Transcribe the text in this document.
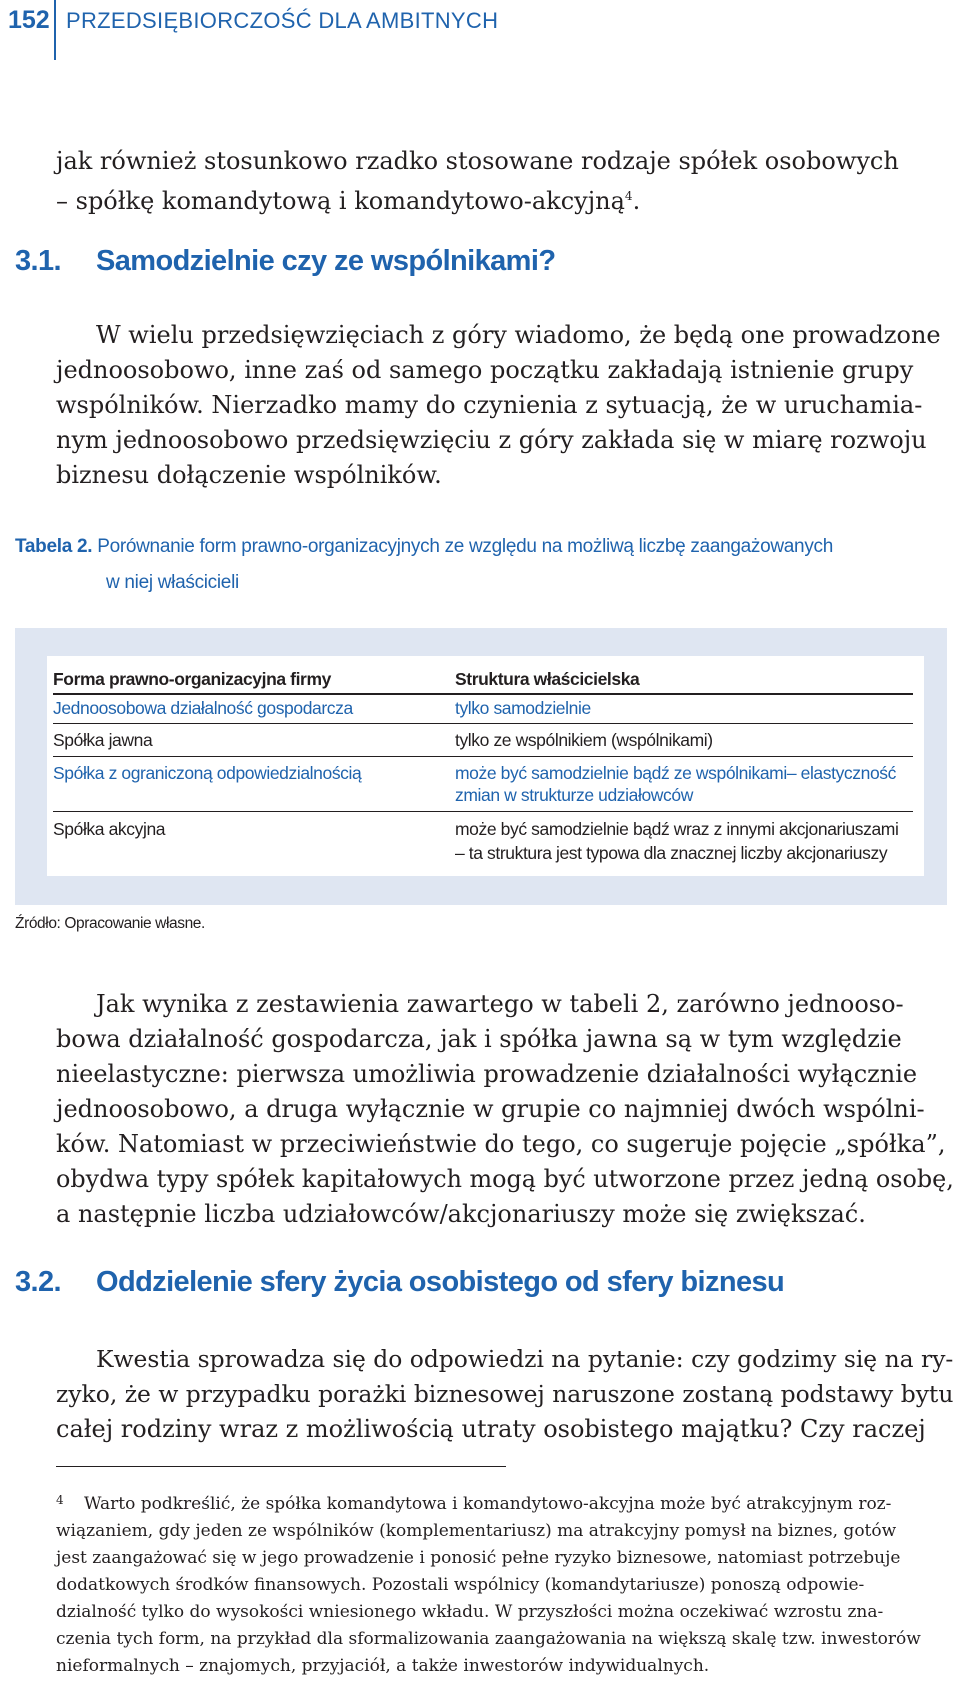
152 PRZEDSIĘBIORCZOŚĆ DLA AMBITNYCH
jak również stosunkowo rzadko stosowane rodzaje spółek osobowych
– spółkę komandytową i komandytowo-akcyjną$^4$.
3.1. Samodzielnie czy ze wspólnikami?
W wielu przedsięwzięciach z góry wiadomo, że będą one prowadzone
jednoosobowo, inne zaś od samego początku zakładają istnienie grupy
wspólników. Nierzadko mamy do czynienia z sytuacją, że w uruchamia-
nym jednoosobowo przedsięwzięciu z góry zakłada się w miarę rozwoju
biznesu dołączenie wspólników.
Tabela 2. Porównanie form prawno-organizacyjnych ze względu na możliwą liczbę zaangażowanych
w niej właścicieli
Forma prawno-organizacyjna firmy	Struktura właścicielska
Jednoosobowa działalność gospodarcza	tylko samodzielnie
Spółka jawna	tylko ze wspólnikiem (wspólnikami)
Spółka z ograniczoną odpowiedzialnością	może być samodzielnie bądź ze wspólnikami– elastyczność
zmian w strukturze udziałowców
Spółka akcyjna	może być samodzielnie bądź wraz z innymi akcjonariuszami
– ta struktura jest typowa dla znacznej liczby akcjonariuszy
Źródło: Opracowanie własne.
Jak wynika z zestawienia zawartego w tabeli 2, zarówno jednooso-
bowa działalność gospodarcza, jak i spółka jawna są w tym względzie
nieelastyczne: pierwsza umożliwia prowadzenie działalności wyłącznie
jednoosobowo, a druga wyłącznie w grupie co najmniej dwóch wspólni-
ków. Natomiast w przeciwieństwie do tego, co sugeruje pojęcie „spółka”,
obydwa typy spółek kapitałowych mogą być utworzone przez jedną osobę,
a następnie liczba udziałowców/akcjonariuszy może się zwiększać.
3.2. Oddzielenie sfery życia osobistego od sfery biznesu
Kwestia sprowadza się do odpowiedzi na pytanie: czy godzimy się na ry-
zyko, że w przypadku porażki biznesowej naruszone zostaną podstawy bytu
całej rodziny wraz z możliwością utraty osobistego majątku? Czy raczej
4	Warto podkreślić, że spółka komandytowa i komandytowo-akcyjna może być atrakcyjnym roz-
wiązaniem, gdy jeden ze wspólników (komplementariusz) ma atrakcyjny pomysł na biznes, gotów
jest zaangażować się w jego prowadzenie i ponosić pełne ryzyko biznesowe, natomiast potrzebuje
dodatkowych środków finansowych. Pozostali wspólnicy (komandytariusze) ponoszą odpowie-
dzialność tylko do wysokości wniesionego wkładu. W przyszłości można oczekiwać wzrostu zna-
czenia tych form, na przykład dla sformalizowania zaangażowania na większą skalę tzw. inwestorów
nieformalnych – znajomych, przyjaciół, a także inwestorów indywidualnych.
